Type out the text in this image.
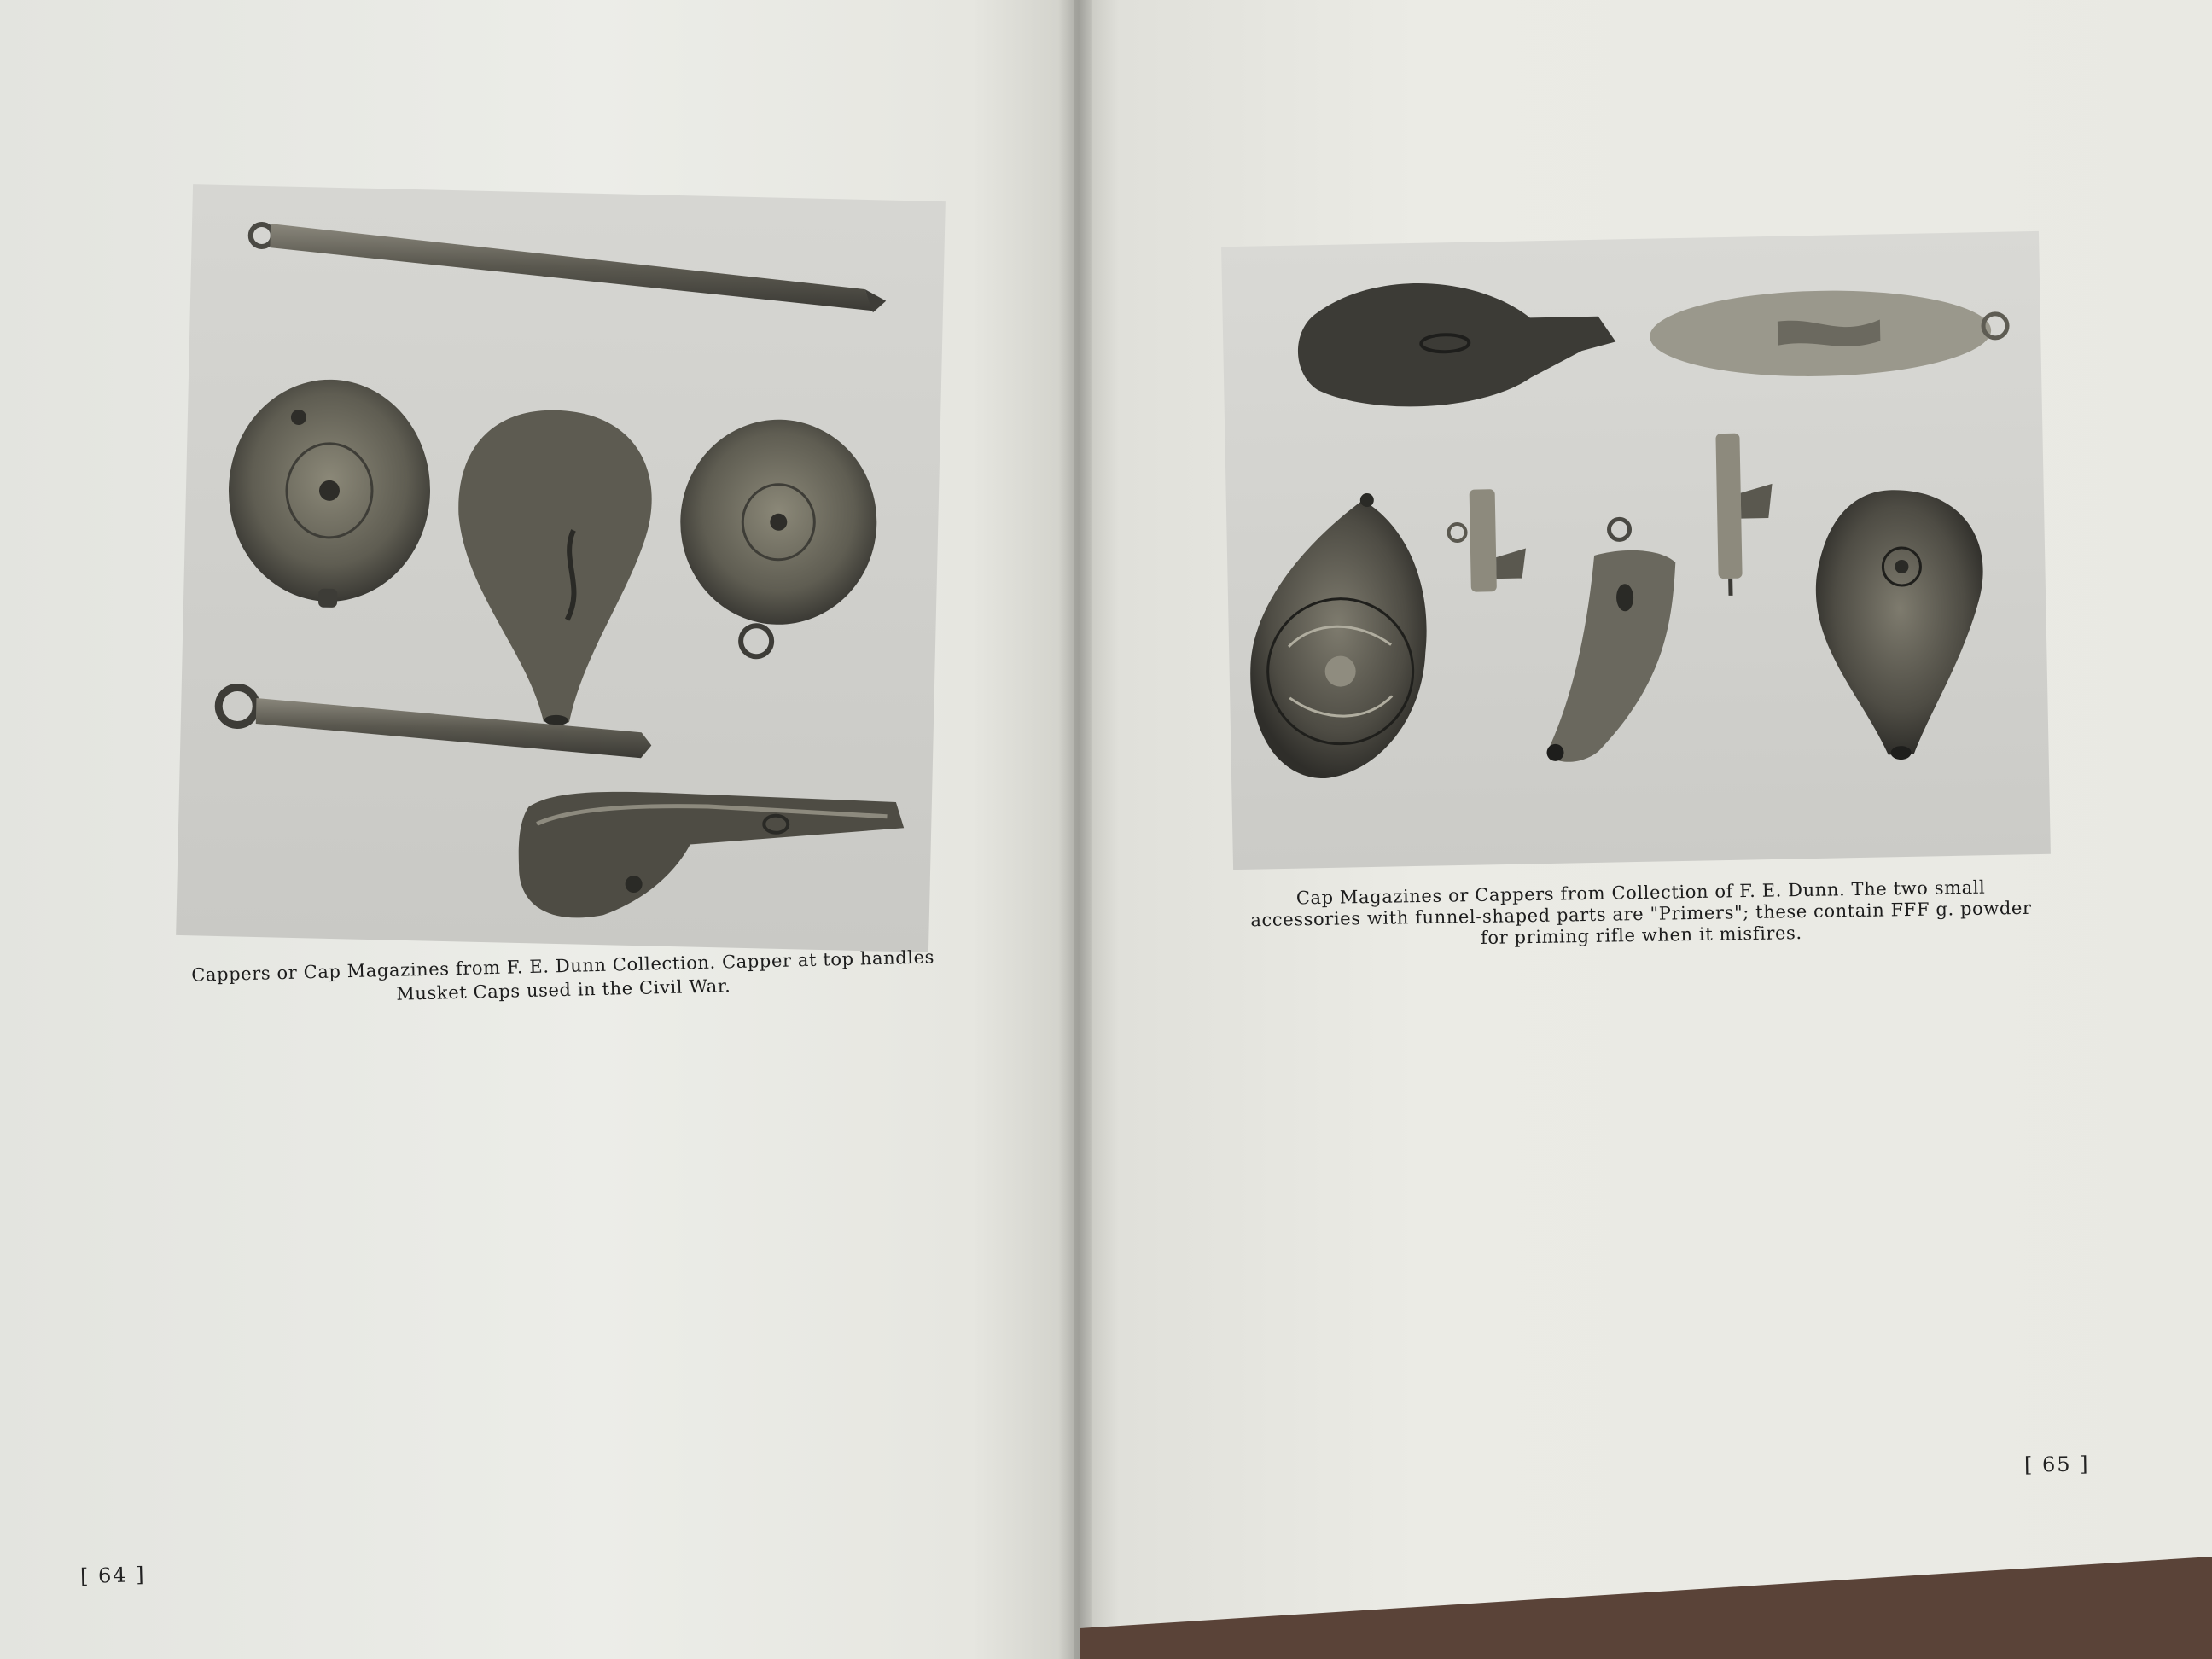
Cappers or Cap Magazines from F. E. Dunn Collection. Capper at top handles Musket Caps used in the Civil War.
[ 64 ]
Cap Magazines or Cappers from Collection of F. E. Dunn. The two small accessories with funnel-shaped parts are "Primers"; these contain FFF g. powder for priming rifle when it misfires.
[ 65 ]
